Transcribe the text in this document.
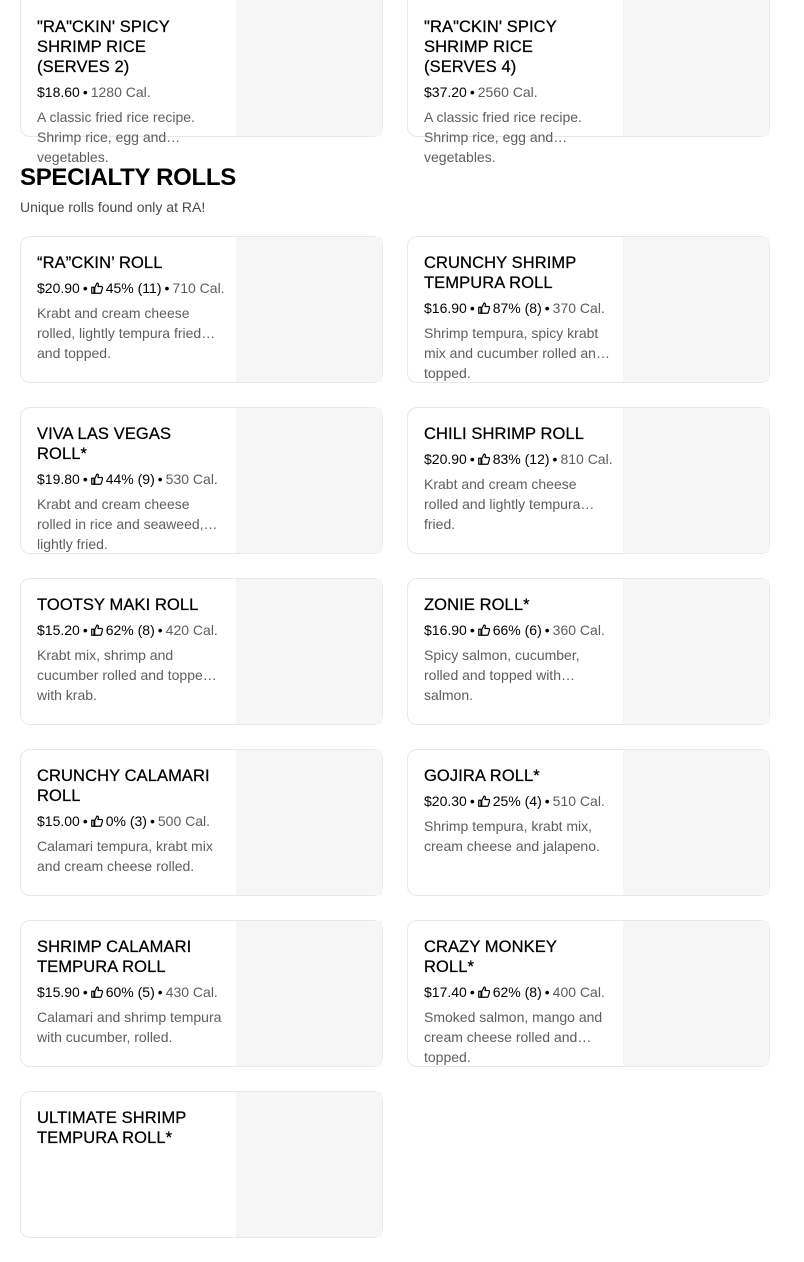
"RA"CKIN' SPICY SHRIMP RICE (SERVES 2)
$18.60 • 1280 Cal.
A classic fried rice recipe. Shrimp rice, egg and vegetables.
"RA"CKIN' SPICY SHRIMP RICE (SERVES 4)
$37.20 • 2560 Cal.
A classic fried rice recipe. Shrimp rice, egg and vegetables.
SPECIALTY ROLLS
Unique rolls found only at RA!
“RA”CKIN’ ROLL
$20.90 • 45% (11) • 710 Cal.
Krabt and cream cheese rolled, lightly tempura fried and topped.
CRUNCHY SHRIMP TEMPURA ROLL
$16.90 • 87% (8) • 370 Cal.
Shrimp tempura, spicy krabt mix and cucumber rolled and topped.
VIVA LAS VEGAS ROLL*
$19.80 • 44% (9) • 530 Cal.
Krabt and cream cheese rolled in rice and seaweed, lightly fried.
CHILI SHRIMP ROLL
$20.90 • 83% (12) • 810 Cal.
Krabt and cream cheese rolled and lightly tempura fried.
TOOTSY MAKI ROLL
$15.20 • 62% (8) • 420 Cal.
Krabt mix, shrimp and cucumber rolled and topped with krab.
ZONIE ROLL*
$16.90 • 66% (6) • 360 Cal.
Spicy salmon, cucumber, rolled and topped with salmon.
CRUNCHY CALAMARI ROLL
$15.00 • 0% (3) • 500 Cal.
Calamari tempura, krabt mix and cream cheese rolled.
GOJIRA ROLL*
$20.30 • 25% (4) • 510 Cal.
Shrimp tempura, krabt mix, cream cheese and jalapeno.
SHRIMP CALAMARI TEMPURA ROLL
$15.90 • 60% (5) • 430 Cal.
Calamari and shrimp tempura with cucumber, rolled.
CRAZY MONKEY ROLL*
$17.40 • 62% (8) • 400 Cal.
Smoked salmon, mango and cream cheese rolled and topped.
ULTIMATE SHRIMP TEMPURA ROLL*
